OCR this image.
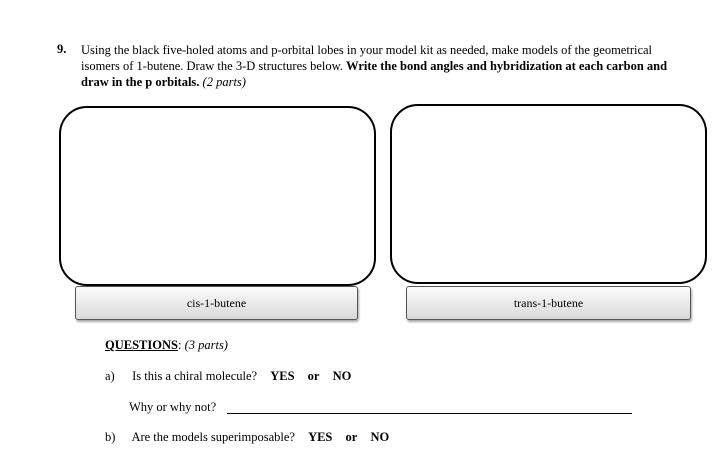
9. Using the black five-holed atoms and p-orbital lobes in your model kit as needed, make models of the geometrical isomers of 1-butene. Draw the 3-D structures below. Write the bond angles and hybridization at each carbon and draw in the p orbitals. (2 parts)
cis-1-butene	trans-1-butene
QUESTIONS: (3 parts)
a) Is this a chiral molecule? YES or NO
Why or why not?
b) Are the models superimposable? YES or NO
